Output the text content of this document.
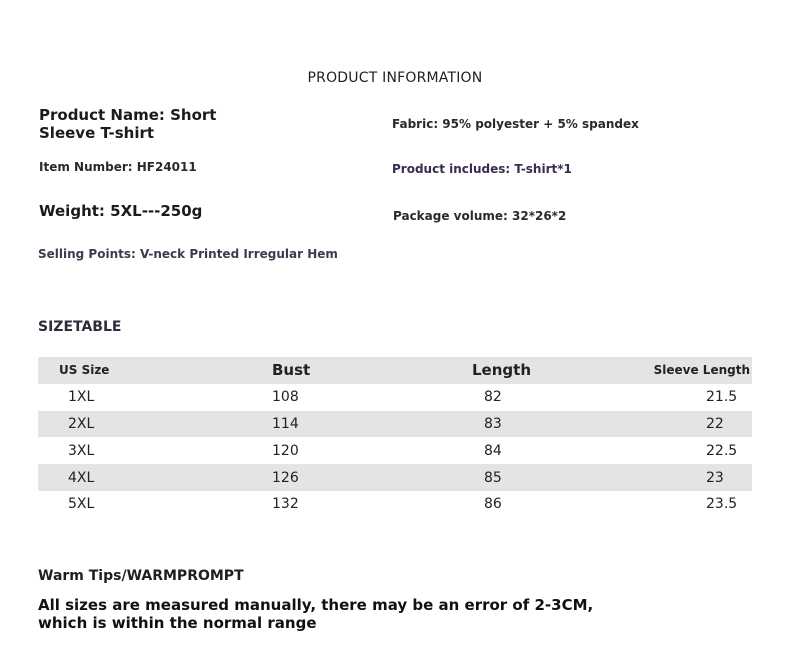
PRODUCT INFORMATION
Product Name: Short Sleeve T-shirt
Item Number: HF24011
Weight: 5XL---250g
Selling Points: V-neck Printed Irregular Hem
Fabric: 95% polyester + 5% spandex
Product includes: T-shirt*1
Package volume: 32*26*2
SIZETABLE
US Size	Bust	Length	Sleeve Length
1XL	108	82	21.5
2XL	114	83	22
3XL	120	84	22.5
4XL	126	85	23
5XL	132	86	23.5
Warm Tips/WARMPROMPT
All sizes are measured manually, there may be an error of 2-3CM, which is within the normal range
